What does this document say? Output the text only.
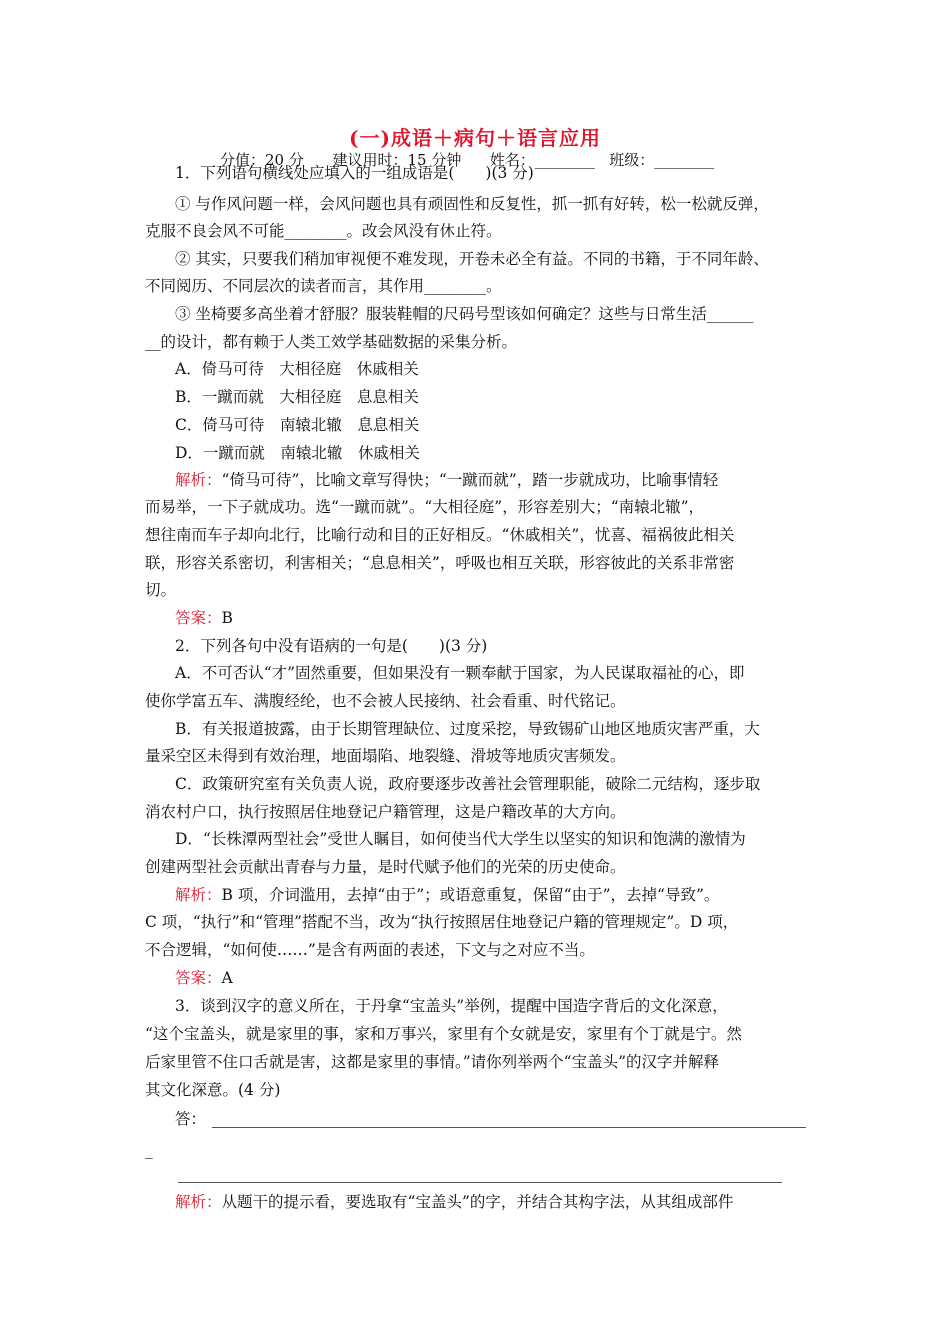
(一)成语＋病句＋语言应用
分值：20 分      建议用时：15 分钟      姓名：________   班级：________
1．下列语句横线处应填入的一组成语是(　　)(3 分)
① 与作风问题一样，会风问题也具有顽固性和反复性，抓一抓有好转，松一松就反弹，
克服不良会风不可能________。改会风没有休止符。
② 其实，只要我们稍加审视便不难发现，开卷未必全有益。不同的书籍，于不同年龄、
不同阅历、不同层次的读者而言，其作用________。
③ 坐椅要多高坐着才舒服？服装鞋帽的尺码号型该如何确定？这些与日常生活______
__的设计，都有赖于人类工效学基础数据的采集分析。
A．倚马可待　大相径庭　休戚相关
B．一蹴而就　大相径庭　息息相关
C．倚马可待　南辕北辙　息息相关
D．一蹴而就　南辕北辙　休戚相关
解析：“倚马可待”，比喻文章写得快；“一蹴而就”，踏一步就成功，比喻事情轻
而易举，一下子就成功。选“一蹴而就”。“大相径庭”，形容差别大；“南辕北辙”，
想往南而车子却向北行，比喻行动和目的正好相反。“休戚相关”，忧喜、福祸彼此相关
联，形容关系密切，利害相关；“息息相关”，呼吸也相互关联，形容彼此的关系非常密
切。
答案：B
2．下列各句中没有语病的一句是(　　)(3 分)
A．不可否认“才”固然重要，但如果没有一颗奉献于国家，为人民谋取福祉的心，即
使你学富五车、满腹经纶，也不会被人民接纳、社会看重、时代铭记。
B．有关报道披露，由于长期管理缺位、过度采挖，导致锡矿山地区地质灾害严重，大
量采空区未得到有效治理，地面塌陷、地裂缝、滑坡等地质灾害频发。
C．政策研究室有关负责人说，政府要逐步改善社会管理职能，破除二元结构，逐步取
消农村户口，执行按照居住地登记户籍管理，这是户籍改革的大方向。
D．“长株潭两型社会”受世人瞩目，如何使当代大学生以坚实的知识和饱满的激情为
创建两型社会贡献出青春与力量，是时代赋予他们的光荣的历史使命。
解析：B 项，介词滥用，去掉“由于”；或语意重复，保留“由于”，去掉“导致”。
C 项，“执行”和“管理”搭配不当，改为“执行按照居住地登记户籍的管理规定”。D 项，
不合逻辑，“如何使……”是含有两面的表述，下文与之对应不当。
答案：A
3．谈到汉字的意义所在，于丹拿“宝盖头”举例，提醒中国造字背后的文化深意，
“这个宝盖头，就是家里的事，家和万事兴，家里有个女就是安，家里有个丁就是宁。然
后家里管不住口舌就是害，这都是家里的事情。”请你列举两个“宝盖头”的汉字并解释
其文化深意。(4 分)
答：
_
解析：从题干的提示看，要选取有“宝盖头”的字，并结合其构字法，从其组成部件
